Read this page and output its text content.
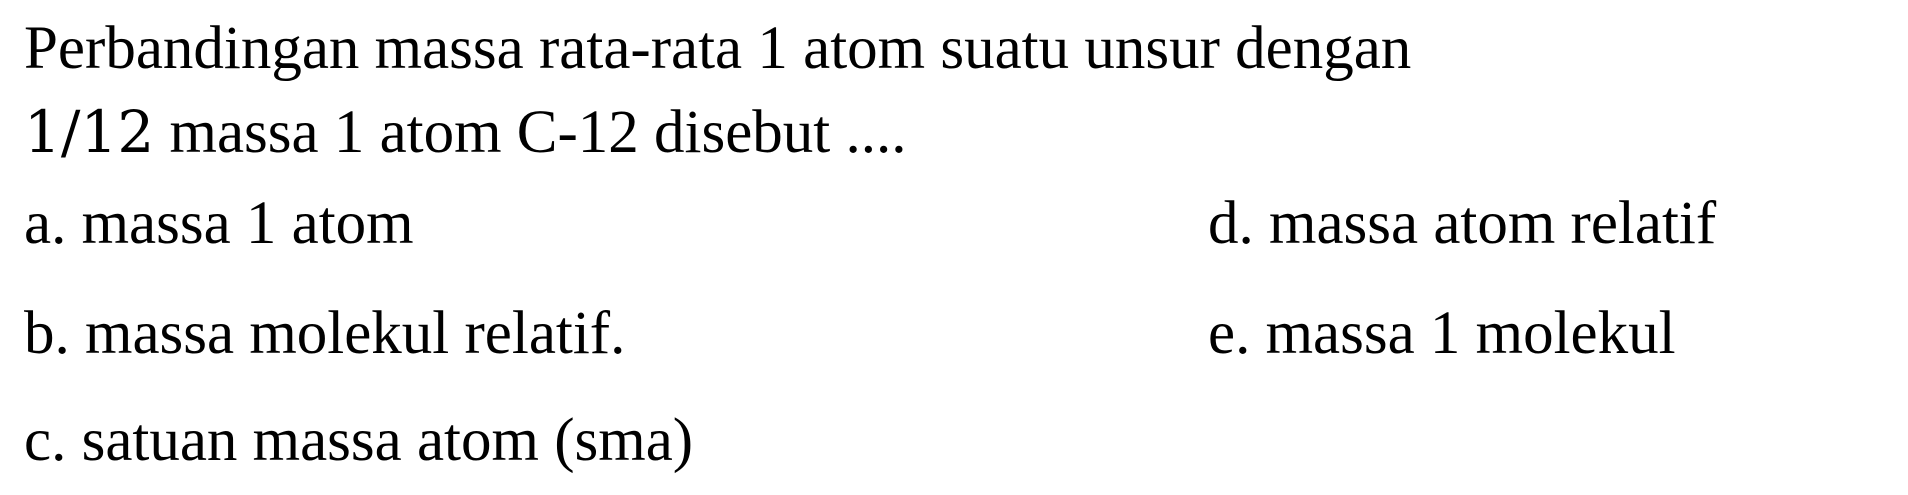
Perbandingan massa rata-rata 1 atom suatu unsur dengan
1/12 massa 1 atom C-12 disebut ....
a. massa 1 atom
b. massa molekul relatif.
c. satuan massa atom (sma)
d. massa atom relatif
e. massa 1 molekul
